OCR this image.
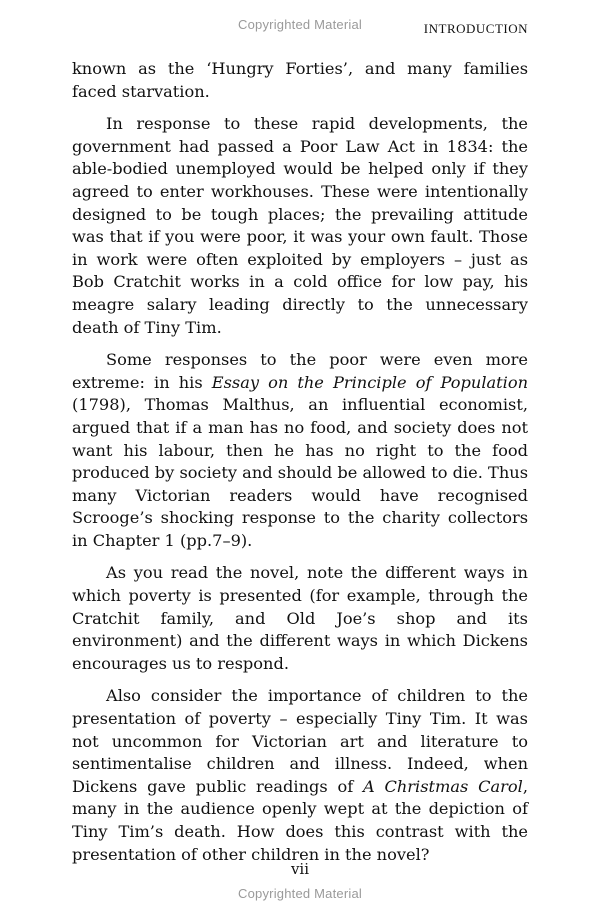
Copyrighted Material	INTRODUCTION

known as the ‘Hungry Forties’, and many families faced starvation.

In response to these rapid developments, the government had passed a Poor Law Act in 1834: the able-bodied unemployed would be helped only if they agreed to enter workhouses. These were intentionally designed to be tough places; the prevailing attitude was that if you were poor, it was your own fault. Those in work were often exploited by employers – just as Bob Cratchit works in a cold office for low pay, his meagre salary leading directly to the unnecessary death of Tiny Tim.

Some responses to the poor were even more extreme: in his Essay on the Principle of Population (1798), Thomas Malthus, an influential economist, argued that if a man has no food, and society does not want his labour, then he has no right to the food produced by society and should be allowed to die. Thus many Victorian readers would have recognised Scrooge’s shocking response to the charity collectors in Chapter 1 (pp.7–9).

As you read the novel, note the different ways in which poverty is presented (for example, through the Cratchit family, and Old Joe’s shop and its environment) and the different ways in which Dickens encourages us to respond.

Also consider the importance of children to the presentation of poverty – especially Tiny Tim. It was not uncommon for Victorian art and literature to sentimentalise children and illness. Indeed, when Dickens gave public readings of A Christmas Carol, many in the audience openly wept at the depiction of Tiny Tim’s death. How does this contrast with the presentation of other children in the novel?

vii
Copyrighted Material
